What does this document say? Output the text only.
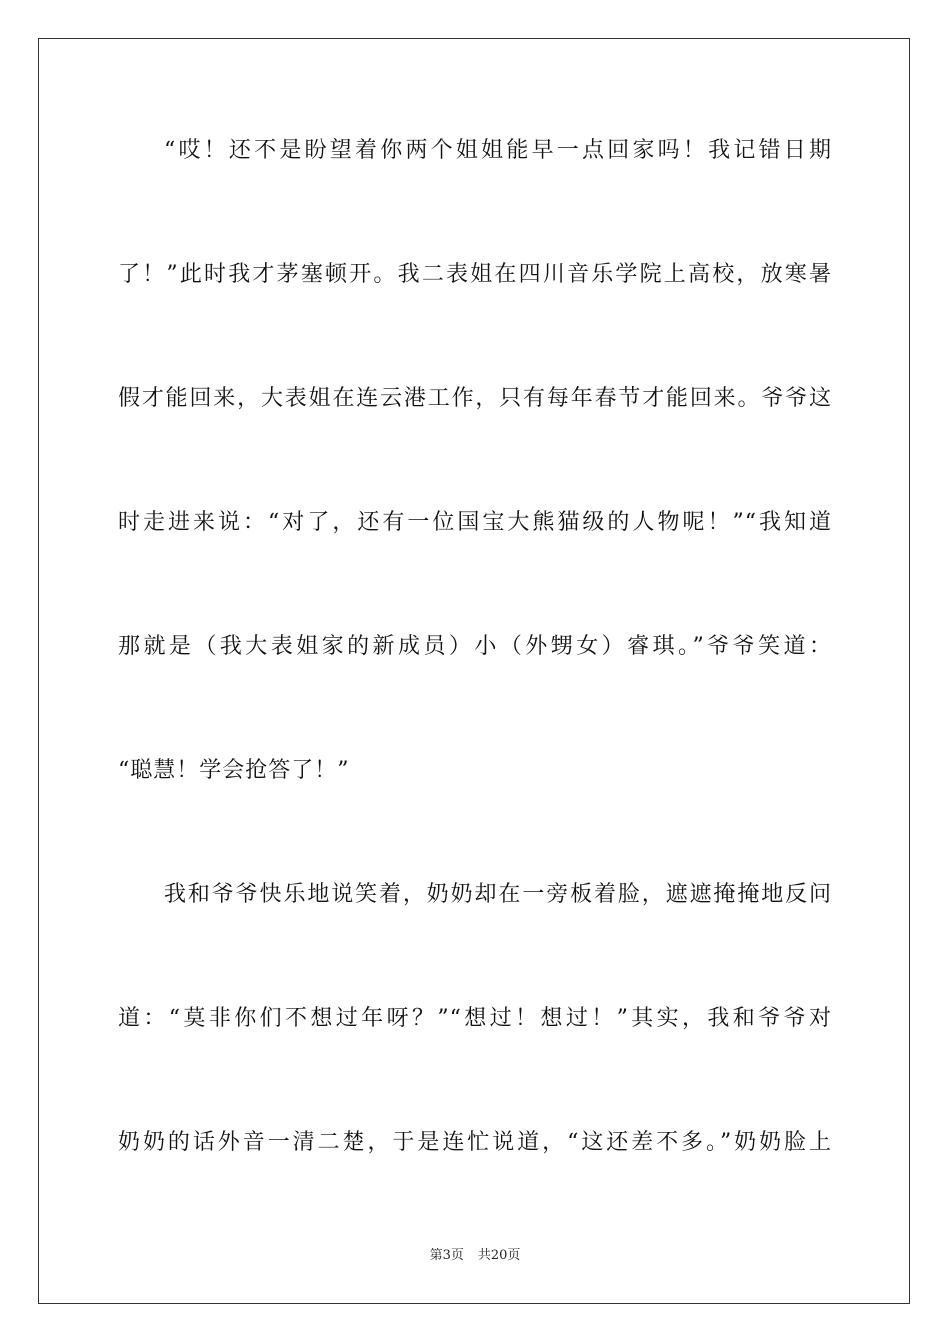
“哎！还不是盼望着你两个姐姐能早一点回家吗！我记错日期
了！”此时我才茅塞顿开。我二表姐在四川音乐学院上高校，放寒暑
假才能回来，大表姐在连云港工作，只有每年春节才能回来。爷爷这
时走进来说：“对了，还有一位国宝大熊猫级的人物呢！”“我知道
那就是（我大表姐家的新成员）小（外甥女）睿琪。”爷爷笑道：
“聪慧！学会抢答了！”
我和爷爷快乐地说笑着，奶奶却在一旁板着脸，遮遮掩掩地反问
道：“莫非你们不想过年呀？”“想过！想过！”其实，我和爷爷对
奶奶的话外音一清二楚，于是连忙说道，“这还差不多。”奶奶脸上
第3页 共20页
